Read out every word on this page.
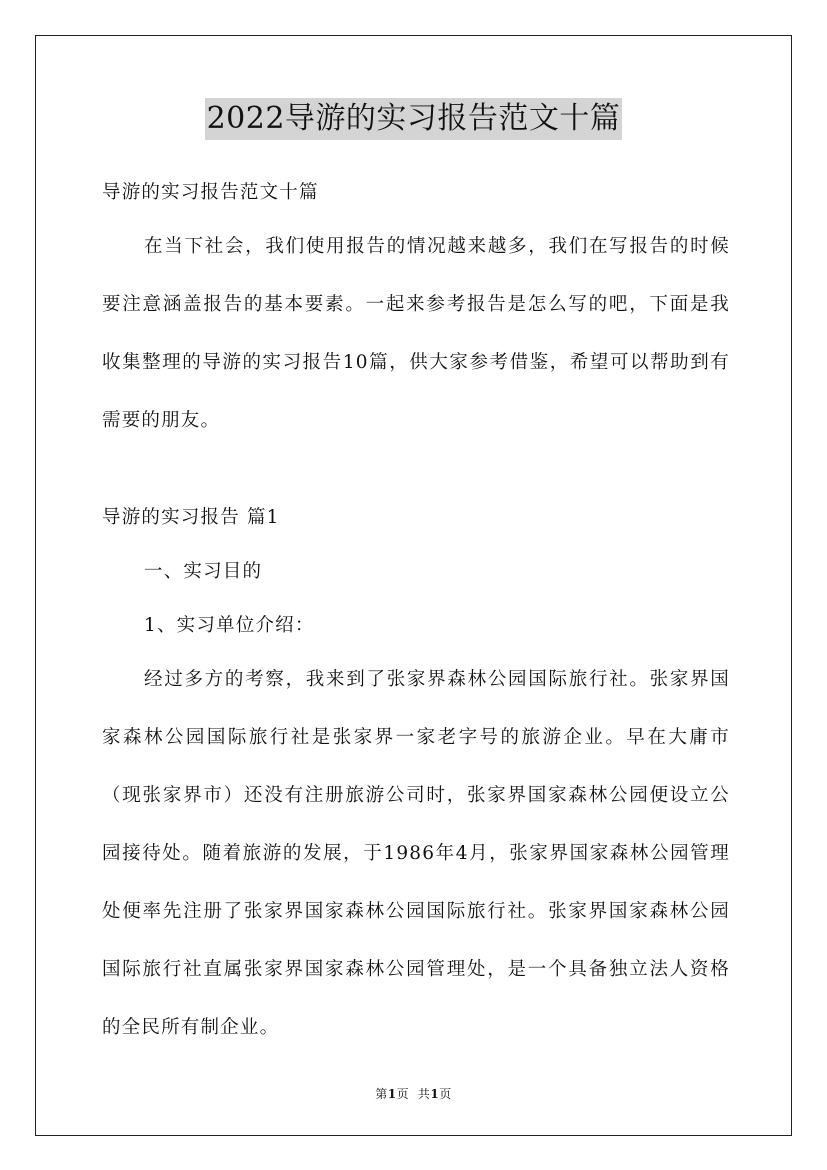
2022导游的实习报告范文十篇

导游的实习报告范文十篇

在当下社会，我们使用报告的情况越来越多，我们在写报告的时候要注意涵盖报告的基本要素。一起来参考报告是怎么写的吧，下面是我收集整理的导游的实习报告10篇，供大家参考借鉴，希望可以帮助到有需要的朋友。

导游的实习报告 篇1

一、实习目的

1、实习单位介绍：

经过多方的考察，我来到了张家界森林公园国际旅行社。张家界国家森林公园国际旅行社是张家界一家老字号的旅游企业。早在大庸市（现张家界市）还没有注册旅游公司时，张家界国家森林公园便设立公园接待处。随着旅游的发展，于1986年4月，张家界国家森林公园管理处便率先注册了张家界国家森林公园国际旅行社。张家界国家森林公园国际旅行社直属张家界国家森林公园管理处，是一个具备独立法人资格的全民所有制企业。

第1页 共1页
